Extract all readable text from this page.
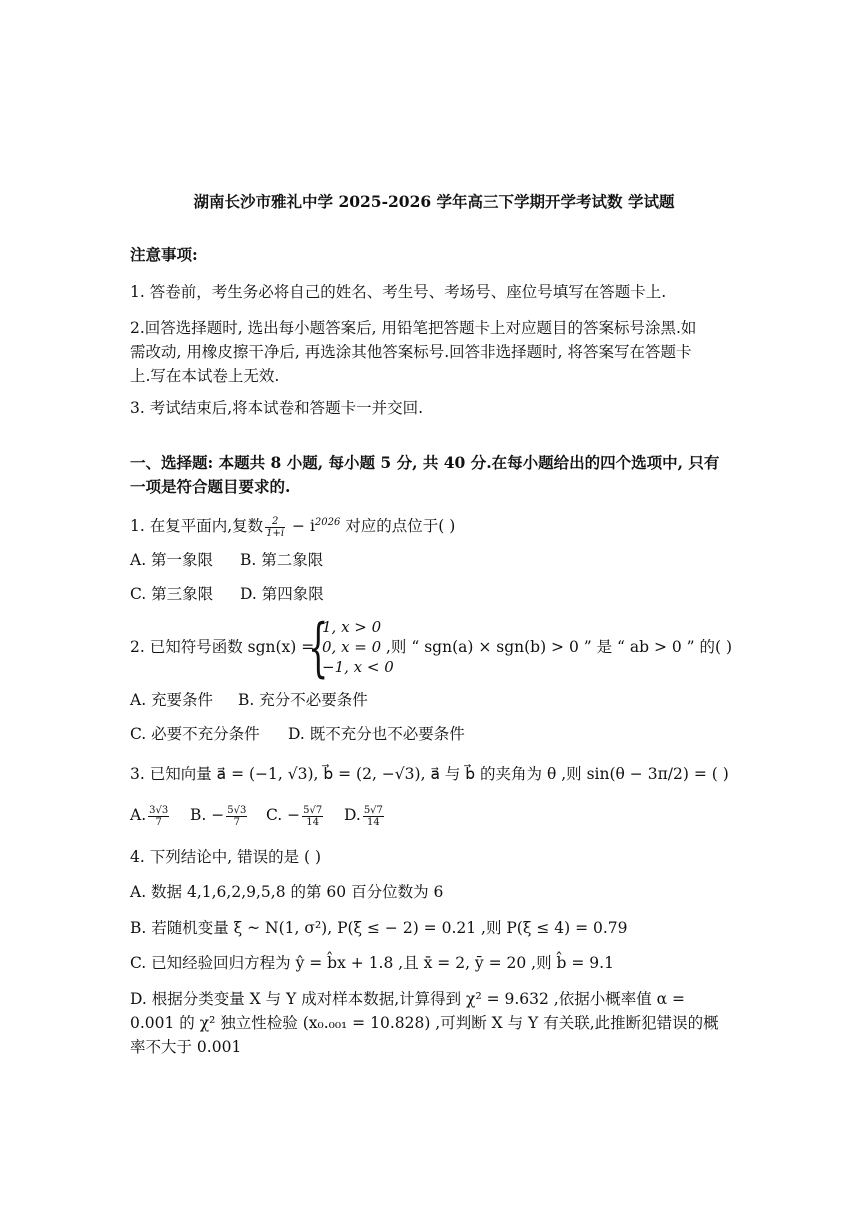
湖南长沙市雅礼中学 2025-2026 学年高三下学期开学考试数 学试题
注意事项:
1. 答卷前，考生务必将自己的姓名、考生号、考场号、座位号填写在答题卡上.
2.回答选择题时, 选出每小题答案后, 用铅笔把答题卡上对应题目的答案标号涂黑.如
需改动, 用橡皮擦干净后, 再选涂其他答案标号.回答非选择题时, 将答案写在答题卡
上.写在本试卷上无效.
3. 考试结束后,将本试卷和答题卡一并交回.
一、选择题: 本题共 8 小题, 每小题 5 分, 共 40 分.在每小题给出的四个选项中, 只有
一项是符合题目要求的.
1. 在复平面内,复数 $\frac{2}{1+i} - i^{2026}$ 对应的点位于( )
A. 第一象限 B. 第二象限
C. 第三象限 D. 第四象限
2. 已知符号函数 sgn(x) =
{
1, x > 0
0, x = 0
−1, x < 0
,则 “ sgn(a) × sgn(b) > 0 ” 是 “ ab > 0 ” 的( )
A. 充要条件 B. 充分不必要条件
C. 必要不充分条件 D. 既不充分也不必要条件
3. 已知向量 a⃗ = (−1, √3), b⃗ = (2, −√3), a⃗ 与 b⃗ 的夹角为 θ ,则 sin(θ − 3π/2) = ( )
A. $\frac{3√3}{7} B$. − $\frac{5√3}{7} C$. − $\frac{5√7}{14} D$. $\frac{5√7}{14}$
4. 下列结论中, 错误的是 ( )
A. 数据 4,1,6,2,9,5,8 的第 60 百分位数为 6
B. 若随机变量 ξ ~ N(1, σ²), P(ξ ≤ − 2) = 0.21 ,则 P(ξ ≤ 4) = 0.79
C. 已知经验回归方程为 ŷ = b̂x + 1.8 ,且 x̄ = 2, ȳ = 20 ,则 b̂ = 9.1
D. 根据分类变量 X 与 Y 成对样本数据,计算得到 χ² = 9.632 ,依据小概率值 α =
0.001 的 χ² 独立性检验 (x₀.₀₀₁ = 10.828) ,可判断 X 与 Y 有关联,此推断犯错误的概
率不大于 0.001
